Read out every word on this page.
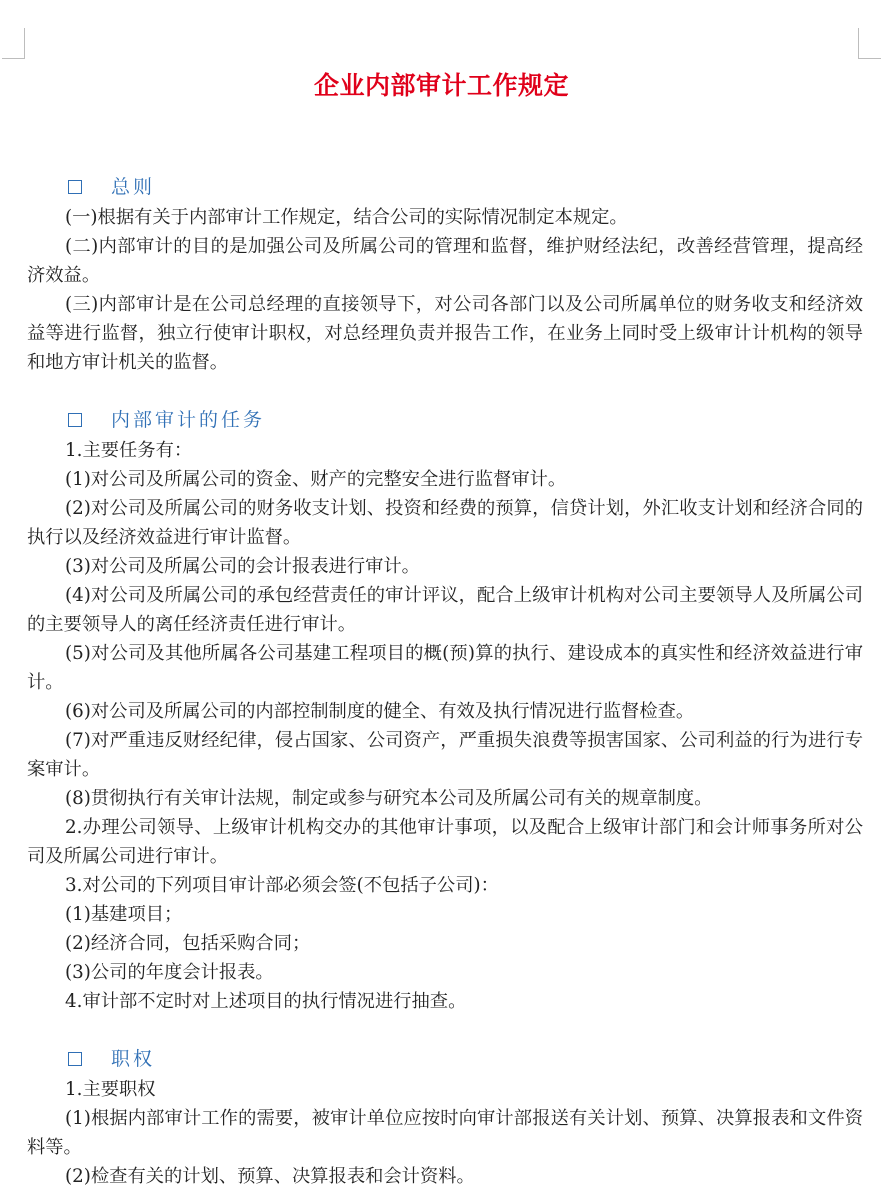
企业内部审计工作规定
总则

(一)根据有关于内部审计工作规定，结合公司的实际情况制定本规定。

(二)内部审计的目的是加强公司及所属公司的管理和监督，维护财经法纪，改善经营管理，提高经济效益。

(三)内部审计是在公司总经理的直接领导下，对公司各部门以及公司所属单位的财务收支和经济效益等进行监督，独立行使审计职权，对总经理负责并报告工作，在业务上同时受上级审计计机构的领导和地方审计机关的监督。

内部审计的任务

1.主要任务有：

(1)对公司及所属公司的资金、财产的完整安全进行监督审计。

(2)对公司及所属公司的财务收支计划、投资和经费的预算，信贷计划，外汇收支计划和经济合同的执行以及经济效益进行审计监督。

(3)对公司及所属公司的会计报表进行审计。

(4)对公司及所属公司的承包经营责任的审计评议，配合上级审计机构对公司主要领导人及所属公司的主要领导人的离任经济责任进行审计。

(5)对公司及其他所属各公司基建工程项目的概(预)算的执行、建设成本的真实性和经济效益进行审计。

(6)对公司及所属公司的内部控制制度的健全、有效及执行情况进行监督检查。

(7)对严重违反财经纪律，侵占国家、公司资产，严重损失浪费等损害国家、公司利益的行为进行专案审计。

(8)贯彻执行有关审计法规，制定或参与研究本公司及所属公司有关的规章制度。

2.办理公司领导、上级审计机构交办的其他审计事项，以及配合上级审计部门和会计师事务所对公司及所属公司进行审计。

3.对公司的下列项目审计部必须会签(不包括子公司)：

(1)基建项目；

(2)经济合同，包括采购合同；

(3)公司的年度会计报表。

4.审计部不定时对上述项目的执行情况进行抽查。

职权

1.主要职权

(1)根据内部审计工作的需要，被审计单位应按时向审计部报送有关计划、预算、决算报表和文件资料等。

(2)检查有关的计划、预算、决算报表和会计资料。
